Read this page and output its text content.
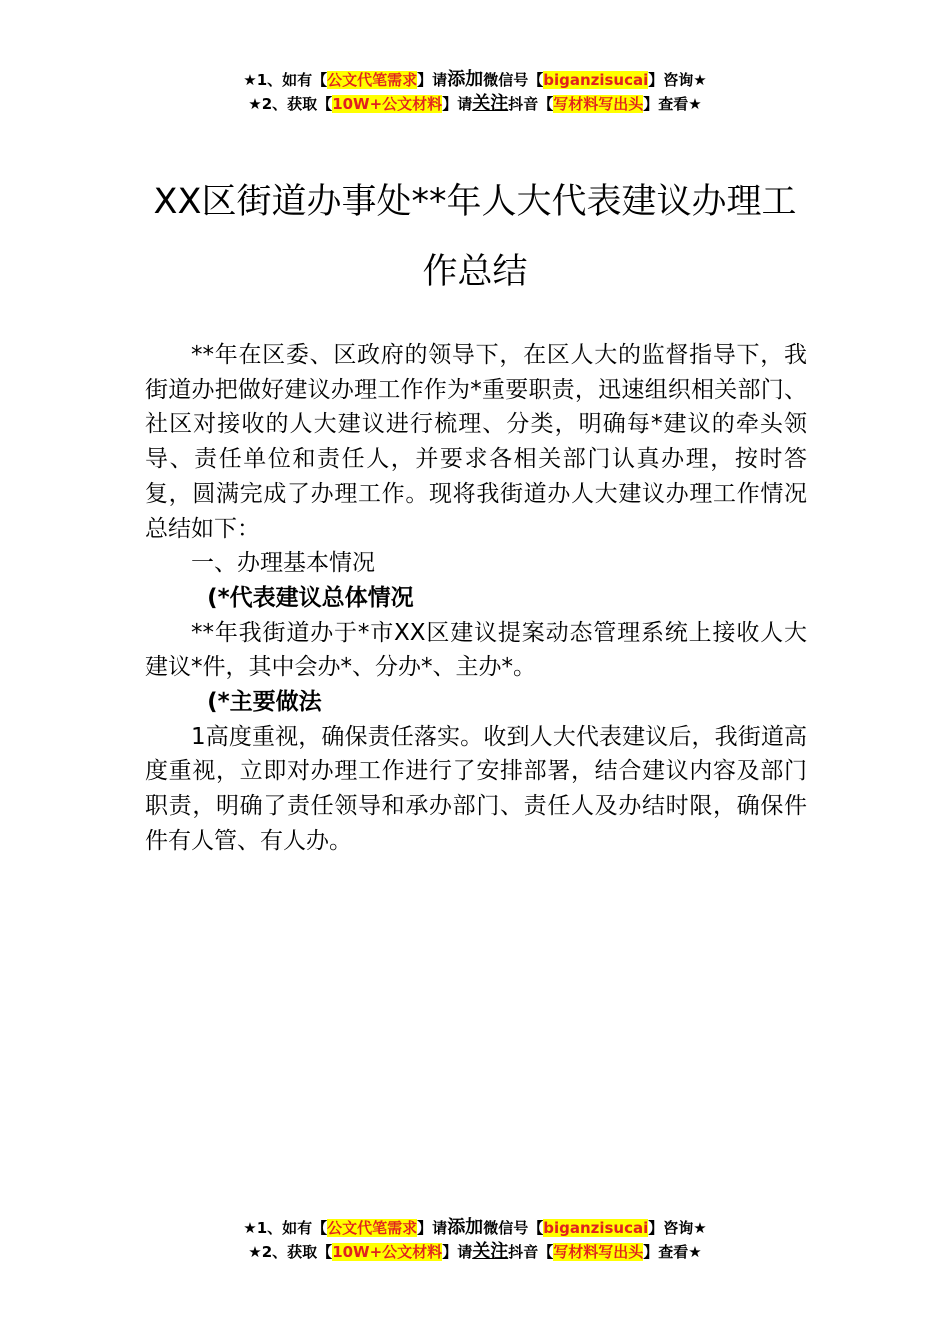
★1、如有【公文代笔需求】请添加微信号【biganzisucai】咨询★
★2、获取【10W+公文材料】请关注抖音【写材料写出头】查看★
XX区街道办事处**年人大代表建议办理工
作总结

**年在区委、区政府的领导下，在区人大的监督指导下，我街道办把做好建议办理工作作为*重要职责，迅速组织相关部门、社区对接收的人大建议进行梳理、分类，明确每*建议的牵头领导、责任单位和责任人，并要求各相关部门认真办理，按时答复，圆满完成了办理工作。现将我街道办人大建议办理工作情况总结如下：

一、办理基本情况

(*代表建议总体情况

**年我街道办于*市XX区建议提案动态管理系统上接收人大建议*件，其中会办*、分办*、主办*。

(*主要做法

1高度重视，确保责任落实。收到人大代表建议后，我街道高度重视，立即对办理工作进行了安排部署，结合建议内容及部门职责，明确了责任领导和承办部门、责任人及办结时限，确保件件有人管、有人办。

★1、如有【公文代笔需求】请添加微信号【biganzisucai】咨询★
★2、获取【10W+公文材料】请关注抖音【写材料写出头】查看★
